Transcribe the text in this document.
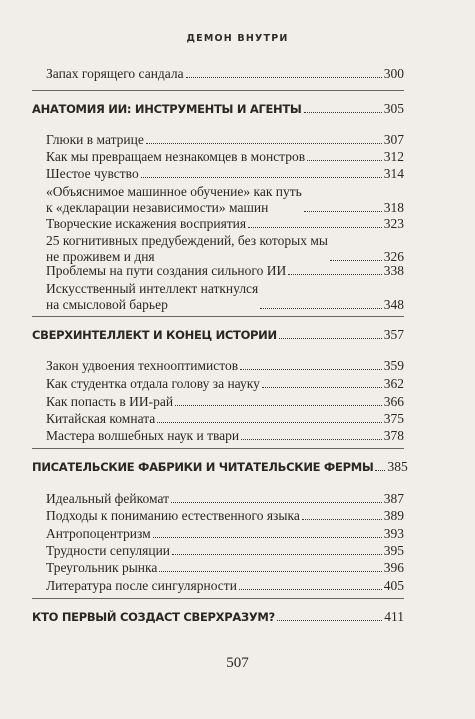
ДЕМОН ВНУТРИ
Запах горящего сандала	300
АНАТОМИЯ ИИ: ИНСТРУМЕНТЫ И АГЕНТЫ	305
Глюки в матрице	307
Как мы превращаем незнакомцев в монстров	312
Шестое чувство	314
«Объяснимое машинное обучение» как путь
к «декларации независимости» машин	318
Творческие искажения восприятия	323
25 когнитивных предубеждений, без которых мы
не проживем и дня	326
Проблемы на пути создания сильного ИИ	338
Искусственный интеллект наткнулся
на смысловой барьер	348
СВЕРХИНТЕЛЛЕКТ И КОНЕЦ ИСТОРИИ	357
Закон удвоения технооптимистов	359
Как студентка отдала голову за науку	362
Как попасть в ИИ-рай	366
Китайская комната	375
Мастера волшебных наук и твари	378
ПИСАТЕЛЬСКИЕ ФАБРИКИ И ЧИТАТЕЛЬСКИЕ ФЕРМЫ 385
Идеальный фейкомат	387
Подходы к пониманию естественного языка	389
Антропоцентризм	393
Трудности сепуляции	395
Треугольник рынка	396
Литература после сингулярности	405
КТО ПЕРВЫЙ СОЗДАСТ СВЕРХРАЗУМ?	411
507
